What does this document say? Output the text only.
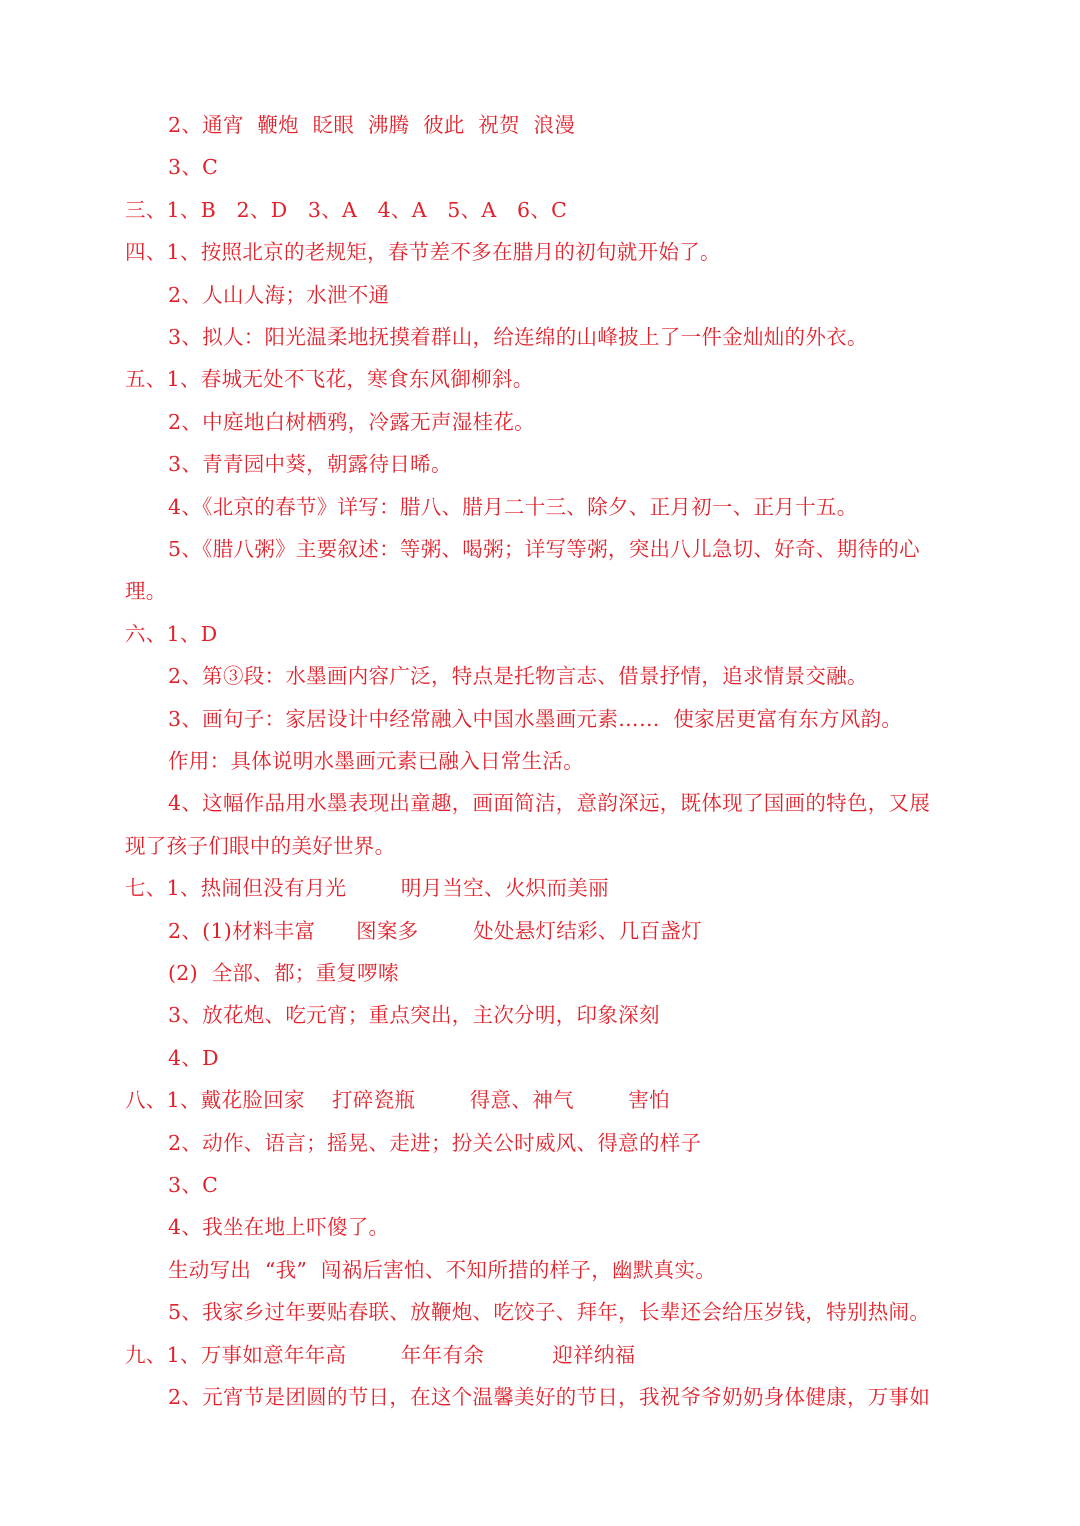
2、通宵  鞭炮  眨眼  沸腾  彼此  祝贺  浪漫
3、C
三、1、B   2、D   3、A   4、A   5、A   6、C
四、1、按照北京的老规矩，春节差不多在腊月的初旬就开始了。
2、人山人海；水泄不通
3、拟人：阳光温柔地抚摸着群山，给连绵的山峰披上了一件金灿灿的外衣。
五、1、春城无处不飞花，寒食东风御柳斜。
2、中庭地白树栖鸦，冷露无声湿桂花。
3、青青园中葵，朝露待日晞。
4、《北京的春节》详写：腊八、腊月二十三、除夕、正月初一、正月十五。
5、《腊八粥》主要叙述：等粥、喝粥；详写等粥，突出八儿急切、好奇、期待的心
理。
六、1、D
2、第③段：水墨画内容广泛，特点是托物言志、借景抒情，追求情景交融。
3、画句子：家居设计中经常融入中国水墨画元素……  使家居更富有东方风韵。
作用：具体说明水墨画元素已融入日常生活。
4、这幅作品用水墨表现出童趣，画面简洁，意韵深远，既体现了国画的特色，又展
现了孩子们眼中的美好世界。
七、1、热闹但没有月光        明月当空、火炽而美丽
2、(1)材料丰富      图案多        处处悬灯结彩、几百盏灯
(2)  全部、都；重复啰嗦
3、放花炮、吃元宵；重点突出，主次分明，印象深刻
4、D
八、1、戴花脸回家    打碎瓷瓶        得意、神气        害怕
2、动作、语言；摇晃、走进；扮关公时威风、得意的样子
3、C
4、我坐在地上吓傻了。
生动写出  “我”  闯祸后害怕、不知所措的样子，幽默真实。
5、我家乡过年要贴春联、放鞭炮、吃饺子、拜年，长辈还会给压岁钱，特别热闹。
九、1、万事如意年年高        年年有余          迎祥纳福
2、元宵节是团圆的节日，在这个温馨美好的节日，我祝爷爷奶奶身体健康，万事如
